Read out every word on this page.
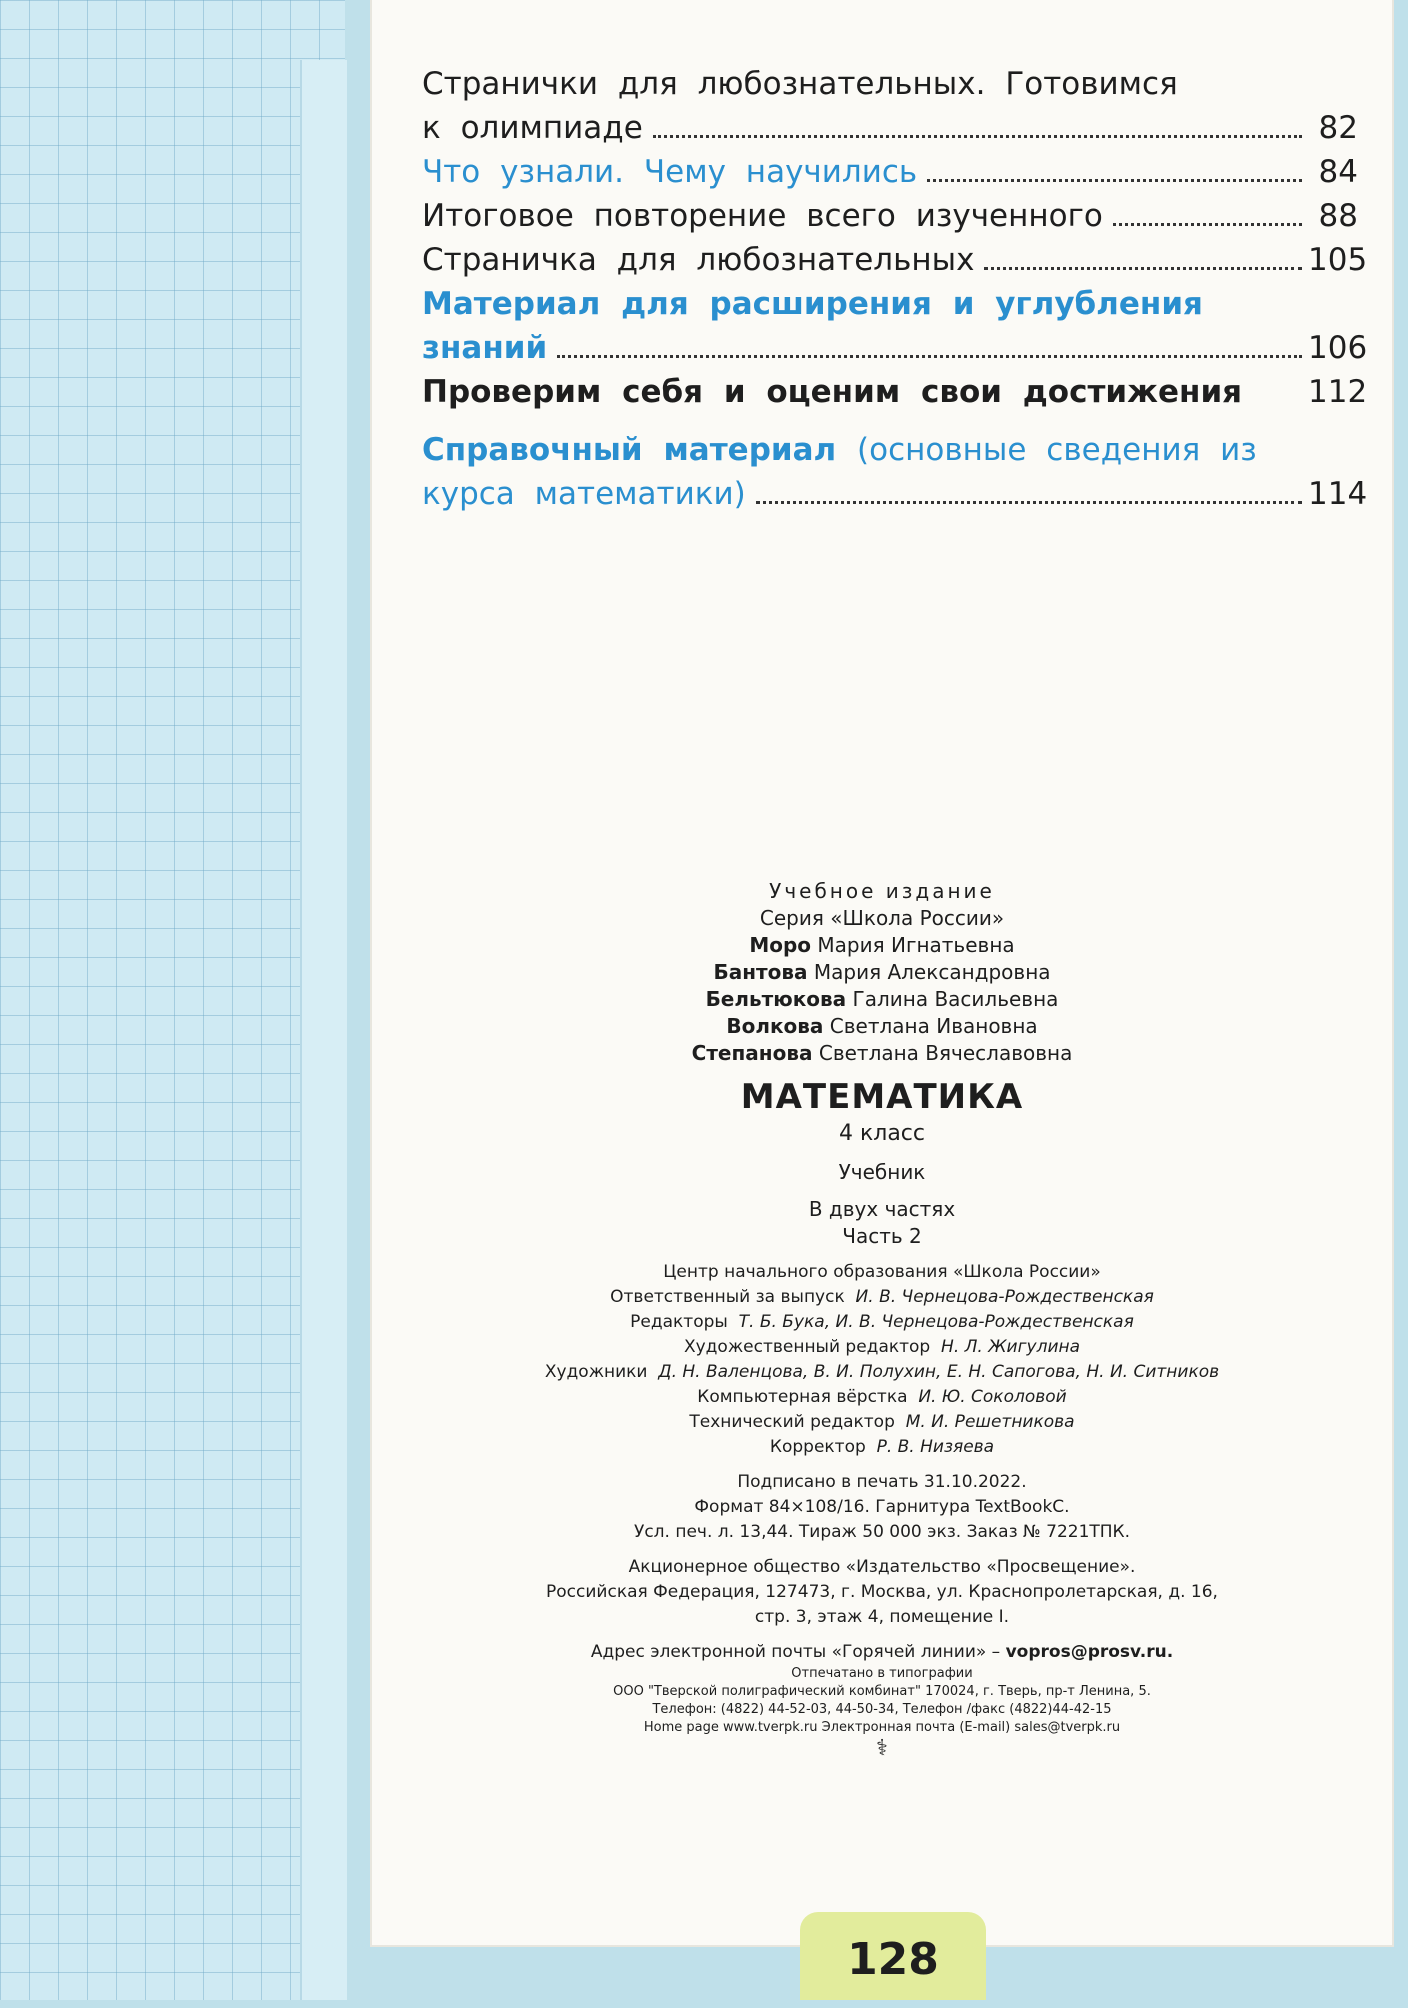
Странички для любознательных. Готовимся
к олимпиаде	82
Что узнали. Чему научились	84
Итоговое повторение всего изученного	88
Страничка для любознательных	105
Материал для расширения и углубления
знаний	106
Проверим себя и оценим свои достижения 112
Справочный материал
(основные сведения из
курса математики)	114
Учебное издание
Серия «Школа России»
Моро Мария Игнатьевна
Бантова Мария Александровна
Бельтюкова Галина Васильевна
Волкова Светлана Ивановна
Степанова Светлана Вячеславовна
МАТЕМАТИКА
4 класс
Учебник
В двух частях
Часть 2
Центр начального образования «Школа России»
Ответственный за выпуск И. В. Чернецова-Рождественская
Редакторы Т. Б. Бука, И. В. Чернецова-Рождественская
Художественный редактор Н. Л. Жигулина
Художники Д. Н. Валенцова, В. И. Полухин, Е. Н. Сапогова, Н. И. Ситников
Компьютерная вёрстка И. Ю. Соколовой
Технический редактор М. И. Решетникова
Корректор Р. В. Низяева
Подписано в печать 31.10.2022.
Формат 84×108/16. Гарнитура TextBookC.
Усл. печ. л. 13,44. Тираж 50 000 экз. Заказ № 7221ТПК.
Акционерное общество «Издательство «Просвещение».
Российская Федерация, 127473, г. Москва, ул. Краснопролетарская, д. 16,
стр. 3, этаж 4, помещение I.
Адрес электронной почты «Горячей линии» – vopros@prosv.ru.
Отпечатано в типографии
ООО "Тверской полиграфический комбинат" 170024, г. Тверь, пр-т Ленина, 5.
Телефон: (4822) 44-52-03, 44-50-34, Телефон /факс (4822)44-42-15
Home page www.tverpk.ru Электронная почта (E-mail) sales@tverpk.ru
⚕
128
